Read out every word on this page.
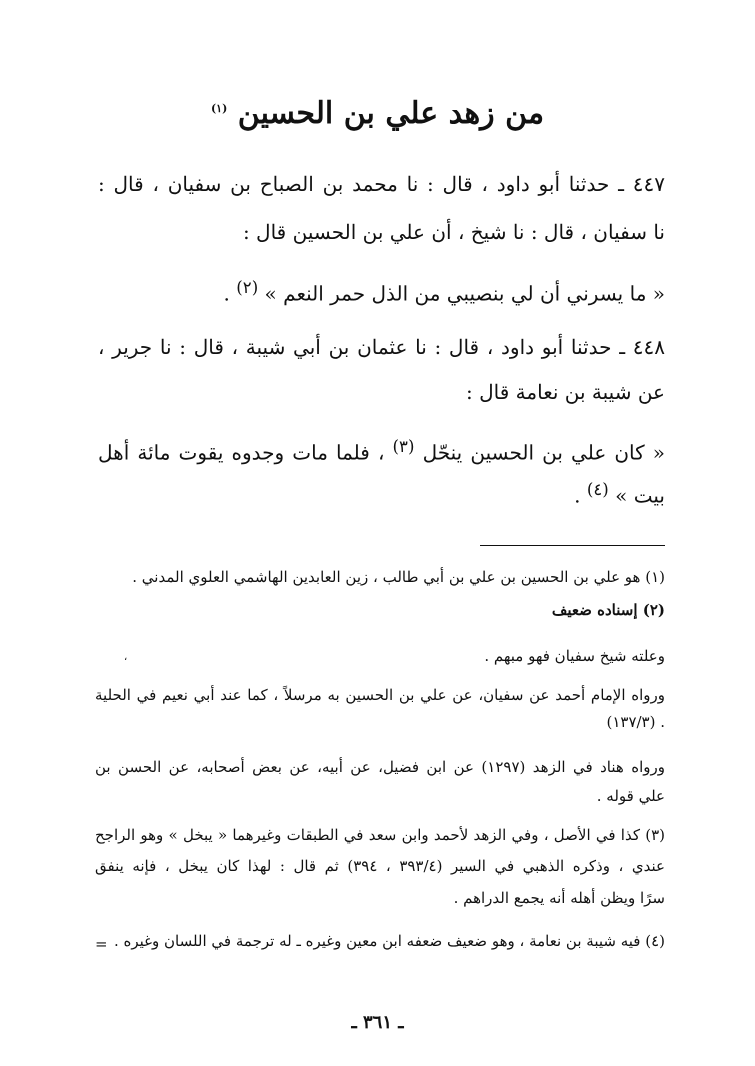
من زهد علي بن الحسين $^{(١)}$
٤٤٧ ـ حدثنا أبو داود ، قال : نا محمد بن الصباح بن سفيان ، قال :
نا سفيان ، قال : نا شيخ ، أن علي بن الحسين قال :
« ما يسرني أن لي بنصيبي من الذل حمر النعم » $^{(٢)}$ .
٤٤٨ ـ حدثنا أبو داود ، قال : نا عثمان بن أبي شيبة ، قال : نا جرير ،
عن شيبة بن نعامة قال :
« كان علي بن الحسين ينحّل $^{(٣)}$ ، فلما مات وجدوه يقوت مائة أهل
بيت » $^{(٤)}$ .
(١) هو علي بن الحسين بن علي بن أبي طالب ، زين العابدين الهاشمي العلوي المدني .
(٢) إسناده ضعيف
وعلته شيخ سفيان فهو مبهم .
،
ورواه الإمام أحمد عن سفيان، عن علي بن الحسين به مرسلاً ، كما عند أبي نعيم في الحلية
(١٣٧/٣) .
ورواه هناد في الزهد (١٢٩٧) عن ابن فضيل، عن أبيه، عن بعض أصحابه، عن الحسن بن
علي قوله .
(٣) كذا في الأصل ، وفي الزهد لأحمد وابن سعد في الطبقات وغيرهما « يبخل » وهو الراجح
عندي ، وذكره الذهبي في السير (٣٩٣/٤ ، ٣٩٤) ثم قال : لهذا كان يبخل ، فإنه ينفق
سرًا ويظن أهله أنه يجمع الدراهم .
(٤) فيه شيبة بن نعامة ، وهو ضعيف ضعفه ابن معين وغيره ـ له ترجمة في اللسان وغيره .
=
ـ ٣٦١ ـ
